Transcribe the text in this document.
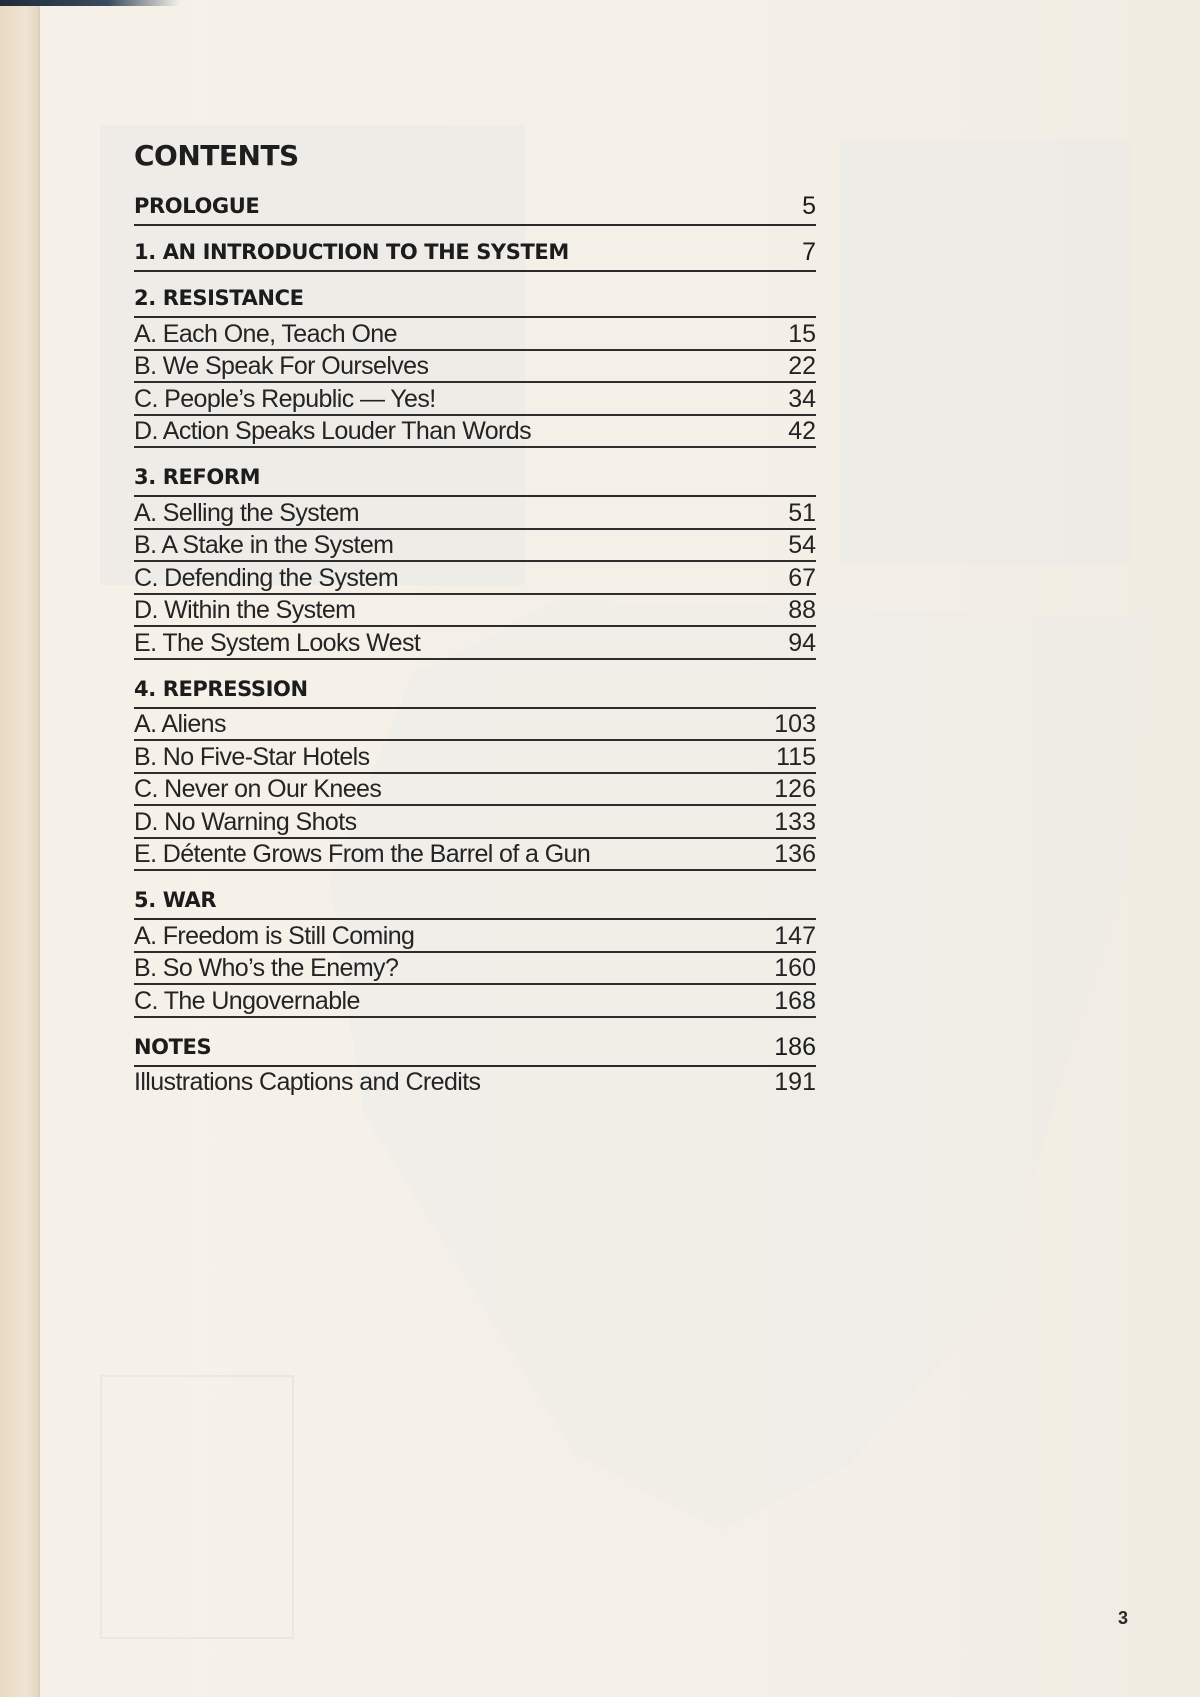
CONTENTS
PROLOGUE	5
1. AN INTRODUCTION TO THE SYSTEM	7
2. RESISTANCE
A. Each One, Teach One	15
B. We Speak For Ourselves	22
C. People’s Republic — Yes!	34
D. Action Speaks Louder Than Words	42
3. REFORM
A. Selling the System	51
B. A Stake in the System	54
C. Defending the System	67
D. Within the System	88
E. The System Looks West	94
4. REPRESSION
A. Aliens	103
B. No Five-Star Hotels	115
C. Never on Our Knees	126
D. No Warning Shots	133
E. Détente Grows From the Barrel of a Gun	136
5. WAR
A. Freedom is Still Coming	147
B. So Who’s the Enemy?	160
C. The Ungovernable	168
NOTES	186
Illustrations Captions and Credits	191
3
